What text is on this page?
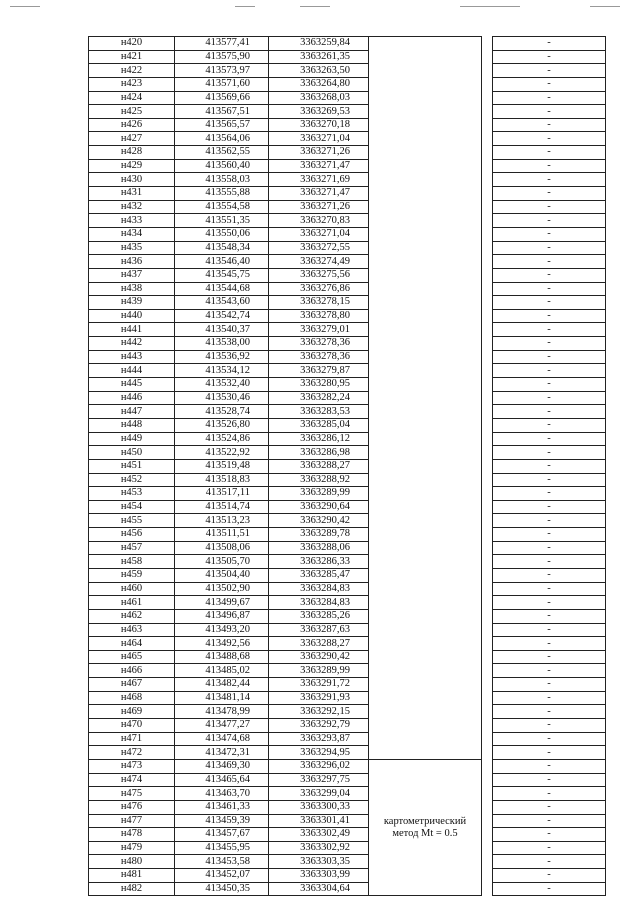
н420	413577,41	3363259,84			-
н421	413575,90	3363261,35			-
н422	413573,97	3363263,50			-
н423	413571,60	3363264,80			-
н424	413569,66	3363268,03			-
н425	413567,51	3363269,53			-
н426	413565,57	3363270,18			-
н427	413564,06	3363271,04			-
н428	413562,55	3363271,26			-
н429	413560,40	3363271,47			-
н430	413558,03	3363271,69			-
н431	413555,88	3363271,47			-
н432	413554,58	3363271,26			-
н433	413551,35	3363270,83			-
н434	413550,06	3363271,04			-
н435	413548,34	3363272,55			-
н436	413546,40	3363274,49			-
н437	413545,75	3363275,56			-
н438	413544,68	3363276,86			-
н439	413543,60	3363278,15			-
н440	413542,74	3363278,80			-
н441	413540,37	3363279,01			-
н442	413538,00	3363278,36			-
н443	413536,92	3363278,36			-
н444	413534,12	3363279,87			-
н445	413532,40	3363280,95			-
н446	413530,46	3363282,24			-
н447	413528,74	3363283,53			-
н448	413526,80	3363285,04			-
н449	413524,86	3363286,12			-
н450	413522,92	3363286,98			-
н451	413519,48	3363288,27			-
н452	413518,83	3363288,92			-
н453	413517,11	3363289,99			-
н454	413514,74	3363290,64			-
н455	413513,23	3363290,42			-
н456	413511,51	3363289,78			-
н457	413508,06	3363288,06			-
н458	413505,70	3363286,33			-
н459	413504,40	3363285,47			-
н460	413502,90	3363284,83			-
н461	413499,67	3363284,83			-
н462	413496,87	3363285,26			-
н463	413493,20	3363287,63			-
н464	413492,56	3363288,27			-
н465	413488,68	3363290,42			-
н466	413485,02	3363289,99			-
н467	413482,44	3363291,72			-
н468	413481,14	3363291,93			-
н469	413478,99	3363292,15			-
н470	413477,27	3363292,79			-
н471	413474,68	3363293,87			-
н472	413472,31	3363294,95			-
н473	413469,30	3363296,02	картометрический
метод Mt = 0.5		-
н474	413465,64	3363297,75			-
н475	413463,70	3363299,04			-
н476	413461,33	3363300,33			-
н477	413459,39	3363301,41			-
н478	413457,67	3363302,49			-
н479	413455,95	3363302,92			-
н480	413453,58	3363303,35			-
н481	413452,07	3363303,99			-
н482	413450,35	3363304,64			-
